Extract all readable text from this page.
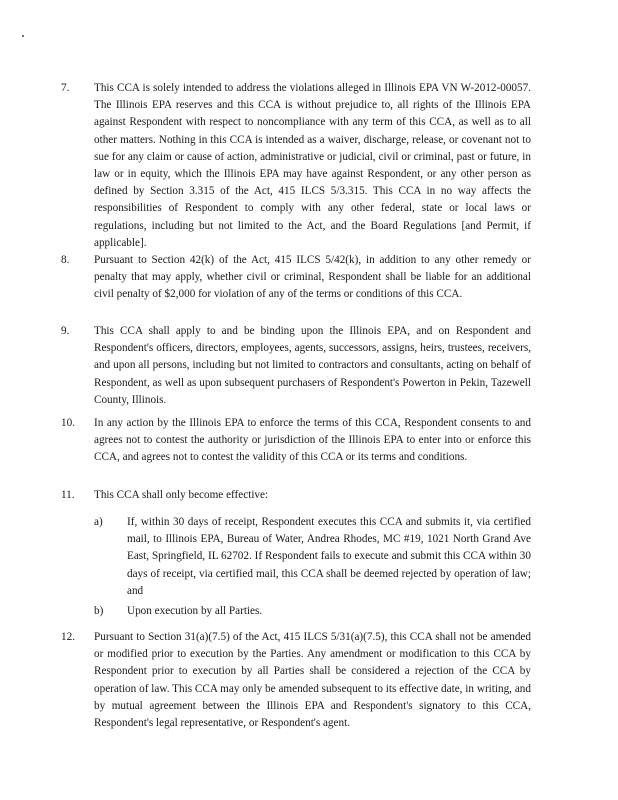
7. This CCA is solely intended to address the violations alleged in Illinois EPA VN W-2012-00057. The Illinois EPA reserves and this CCA is without prejudice to, all rights of the Illinois EPA against Respondent with respect to noncompliance with any term of this CCA, as well as to all other matters. Nothing in this CCA is intended as a waiver, discharge, release, or covenant not to sue for any claim or cause of action, administrative or judicial, civil or criminal, past or future, in law or in equity, which the Illinois EPA may have against Respondent, or any other person as defined by Section 3.315 of the Act, 415 ILCS 5/3.315. This CCA in no way affects the responsibilities of Respondent to comply with any other federal, state or local laws or regulations, including but not limited to the Act, and the Board Regulations [and Permit, if applicable].
8. Pursuant to Section 42(k) of the Act, 415 ILCS 5/42(k), in addition to any other remedy or penalty that may apply, whether civil or criminal, Respondent shall be liable for an additional civil penalty of $2,000 for violation of any of the terms or conditions of this CCA.
9. This CCA shall apply to and be binding upon the Illinois EPA, and on Respondent and Respondent's officers, directors, employees, agents, successors, assigns, heirs, trustees, receivers, and upon all persons, including but not limited to contractors and consultants, acting on behalf of Respondent, as well as upon subsequent purchasers of Respondent's Powerton in Pekin, Tazewell County, Illinois.
10. In any action by the Illinois EPA to enforce the terms of this CCA, Respondent consents to and agrees not to contest the authority or jurisdiction of the Illinois EPA to enter into or enforce this CCA, and agrees not to contest the validity of this CCA or its terms and conditions.
11. This CCA shall only become effective:
a) If, within 30 days of receipt, Respondent executes this CCA and submits it, via certified mail, to Illinois EPA, Bureau of Water, Andrea Rhodes, MC #19, 1021 North Grand Ave East, Springfield, IL 62702. If Respondent fails to execute and submit this CCA within 30 days of receipt, via certified mail, this CCA shall be deemed rejected by operation of law; and
b) Upon execution by all Parties.
12. Pursuant to Section 31(a)(7.5) of the Act, 415 ILCS 5/31(a)(7.5), this CCA shall not be amended or modified prior to execution by the Parties. Any amendment or modification to this CCA by Respondent prior to execution by all Parties shall be considered a rejection of the CCA by operation of law. This CCA may only be amended subsequent to its effective date, in writing, and by mutual agreement between the Illinois EPA and Respondent's signatory to this CCA, Respondent's legal representative, or Respondent's agent.
